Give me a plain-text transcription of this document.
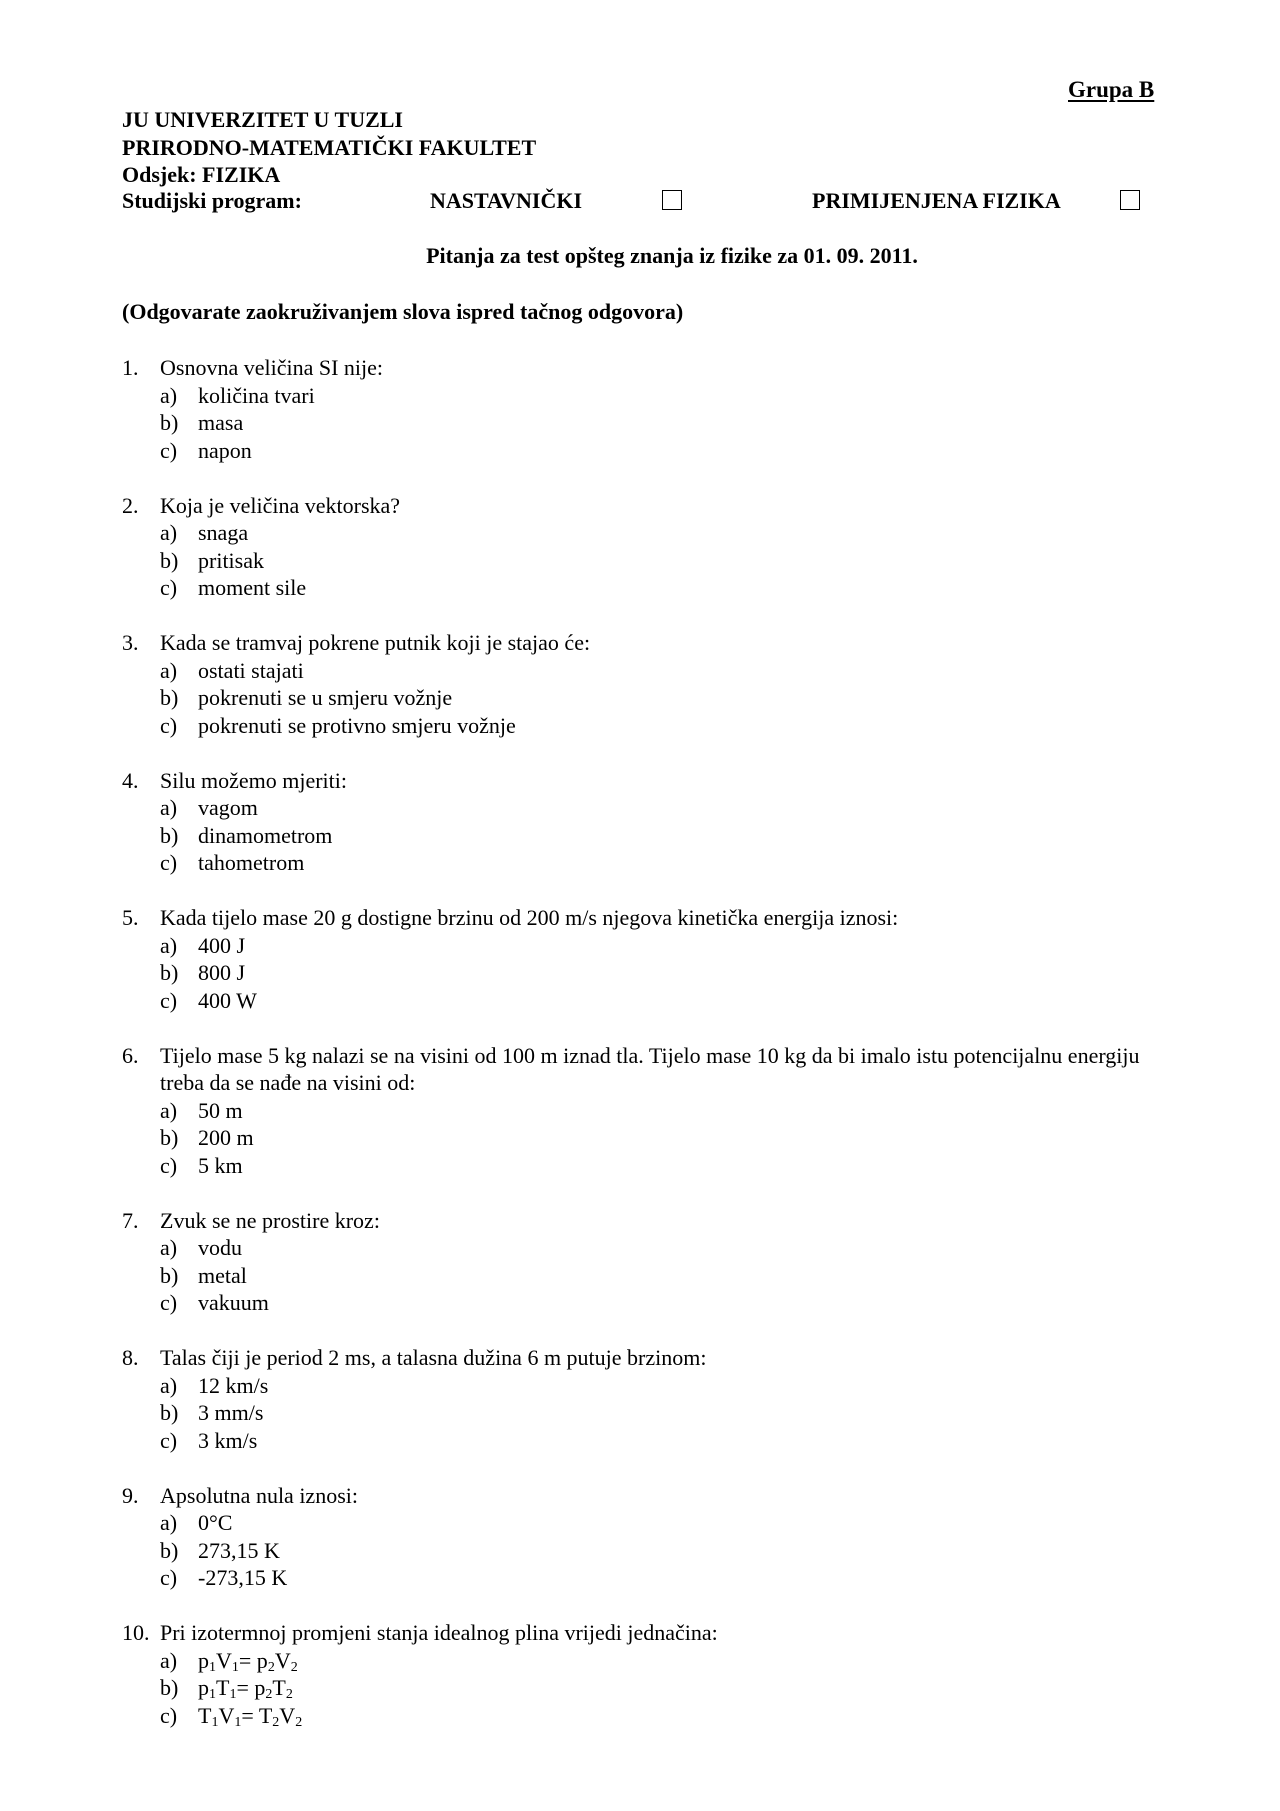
Grupa B
JU UNIVERZITET U TUZLI
PRIRODNO-MATEMATIČKI FAKULTET
Odsjek: FIZIKA
Studijski program:	NASTAVNIČKI	PRIMIJENJENA FIZIKA
Pitanja za test opšteg znanja iz fizike za 01. 09. 2011.
(Odgovarate zaokruživanjem slova ispred tačnog odgovora)
1. Osnovna veličina SI nije:
a) količina tvari
b) masa
c) napon
2. Koja je veličina vektorska?
a) snaga
b) pritisak
c) moment sile
3. Kada se tramvaj pokrene putnik koji je stajao će:
a) ostati stajati
b) pokrenuti se u smjeru vožnje
c) pokrenuti se protivno smjeru vožnje
4. Silu možemo mjeriti:
a) vagom
b) dinamometrom
c) tahometrom
5. Kada tijelo mase 20 g dostigne brzinu od 200 m/s njegova kinetička energija iznosi:
a) 400 J
b) 800 J
c) 400 W
6. Tijelo mase 5 kg nalazi se na visini od 100 m iznad tla. Tijelo mase 10 kg da bi imalo istu potencijalnu energiju treba da se nađe na visini od:
a) 50 m
b) 200 m
c) 5 km
7. Zvuk se ne prostire kroz:
a) vodu
b) metal
c) vakuum
8. Talas čiji je period 2 ms, a talasna dužina 6 m putuje brzinom:
a) 12 km/s
b) 3 mm/s
c) 3 km/s
9. Apsolutna nula iznosi:
a) 0°C
b) 273,15 K
c) -273,15 K
10. Pri izotermnoj promjeni stanja idealnog plina vrijedi jednačina:
a) $p_1V_1= p_2V_2$
b) $p_1T_1= p_2T_2$
c) $T_1V_1= T_2V_2$
